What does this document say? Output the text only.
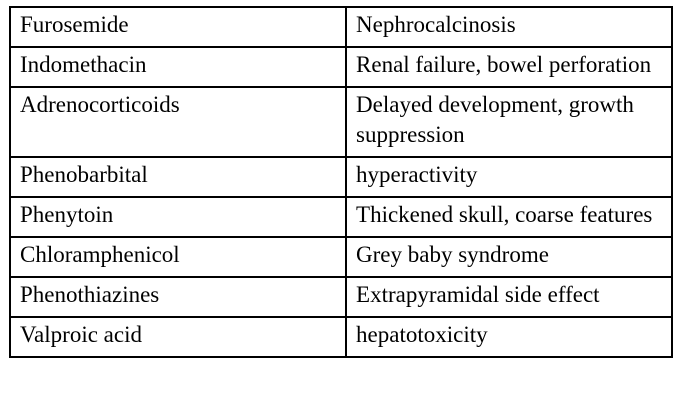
Furosemide	Nephrocalcinosis
Indomethacin	Renal failure, bowel perforation
Adrenocorticoids	Delayed development, growth suppression
Phenobarbital	hyperactivity
Phenytoin	Thickened skull, coarse features
Chloramphenicol	Grey baby syndrome
Phenothiazines	Extrapyramidal side effect
Valproic acid	hepatotoxicity
